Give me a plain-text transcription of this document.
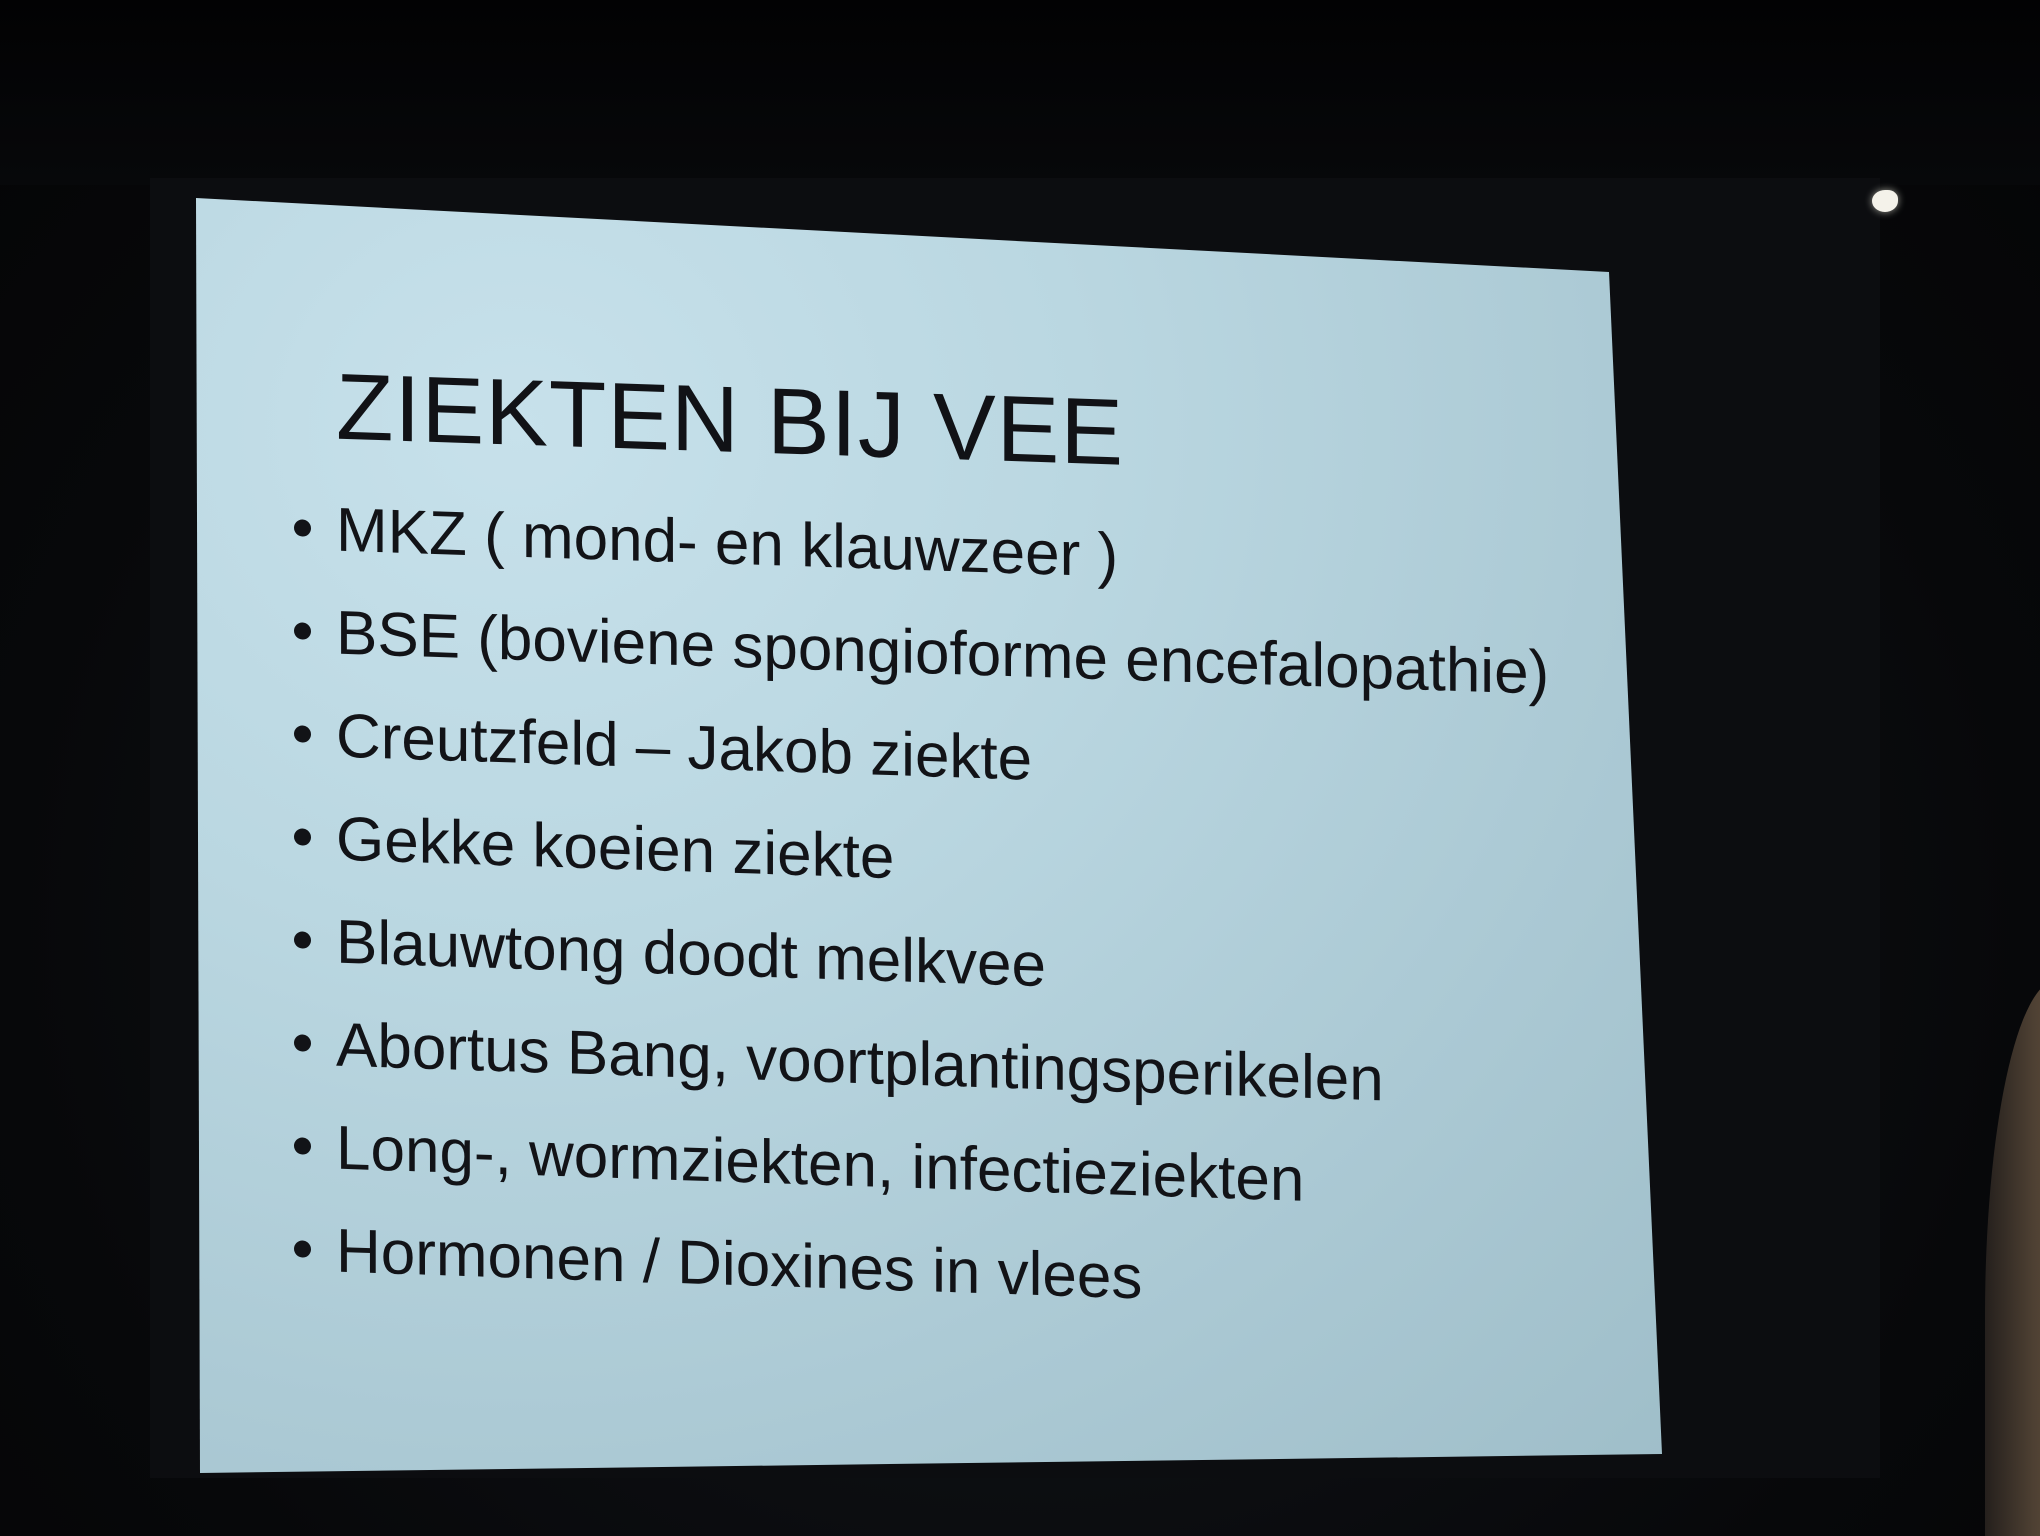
ZIEKTEN BIJ VEE
MKZ ( mond- en klauwzeer )
BSE (boviene spongioforme encefalopathie)
Creutzfeld – Jakob ziekte
Gekke koeien ziekte
Blauwtong doodt melkvee
Abortus Bang, voortplantingsperikelen
Long-, wormziekten, infectieziekten
Hormonen / Dioxines in vlees
